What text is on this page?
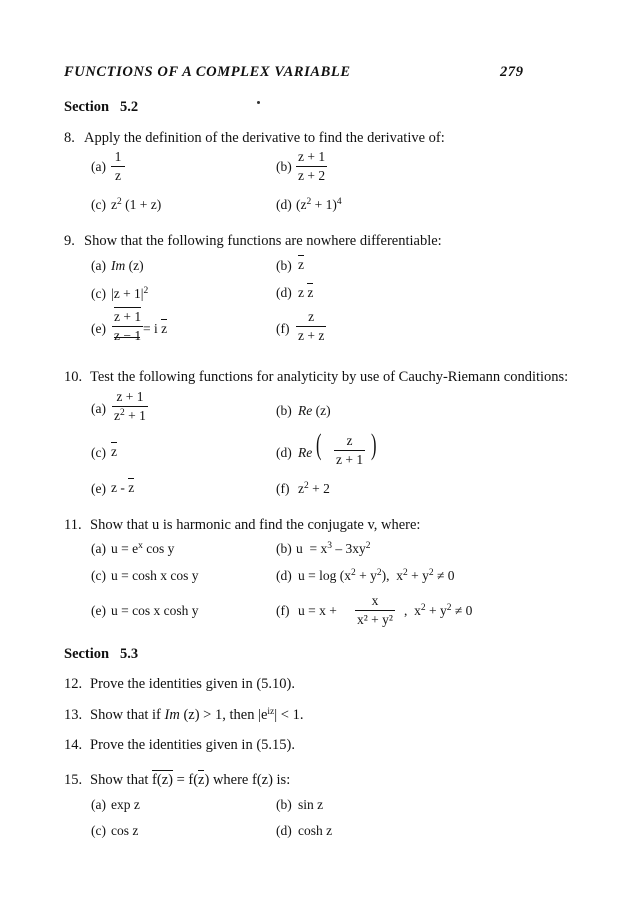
FUNCTIONS OF A COMPLEX VARIABLE	279
Section   5.2
8. Apply the definition of the derivative to find the derivative of:
$(a) \frac{1}{z}$	$(b) \frac{z + 1}{z + 2}$
(c) $z^2$ (1 + z)	(d) $(z^2 + 1)^4$
9. Show that the following functions are nowhere differentiable:
(a) Im (z)	(b) z
(c) $|z + 1|^2$	(d) z z
$(e) \frac{z + 1}{z - 1} = i$ z	$(f) \frac{z}{z + z}$
10. Test the following functions for analyticity by use of Cauchy-Riemann conditions:
$(a) \frac{z + 1}{z^2 + 1}$	(b) Re (z)
(c) z	(d) Re ( $\frac{z}{z + 1}$ )
(e) z - z	(f) $z^2 + 2$
11. Show that u is harmonic and find the conjugate v, where:
(a) $u = e^x$ cos y	(b) $u = x^3 - 3xy^2$
(c) u = cosh x cos y	(d) $u = \log (x^2 + y^2)$,  $x^2 + y^2 \ne 0$
(e) u = cos x cosh y	(f) $u = x + \frac{x}{\text{x² + y²}}$ ,  $x^2 + y^2 \ne 0$
Section   5.3
12. Prove the identities given in (5.10).
13. Show that if Im (z) > 1, then $|e^{iz}| < 1$.
14. Prove the identities given in (5.15).
15. Show that f(z) = f(z) where f(z) is:
(a) exp z	(b) sin z
(c) cos z	(d) cosh z
